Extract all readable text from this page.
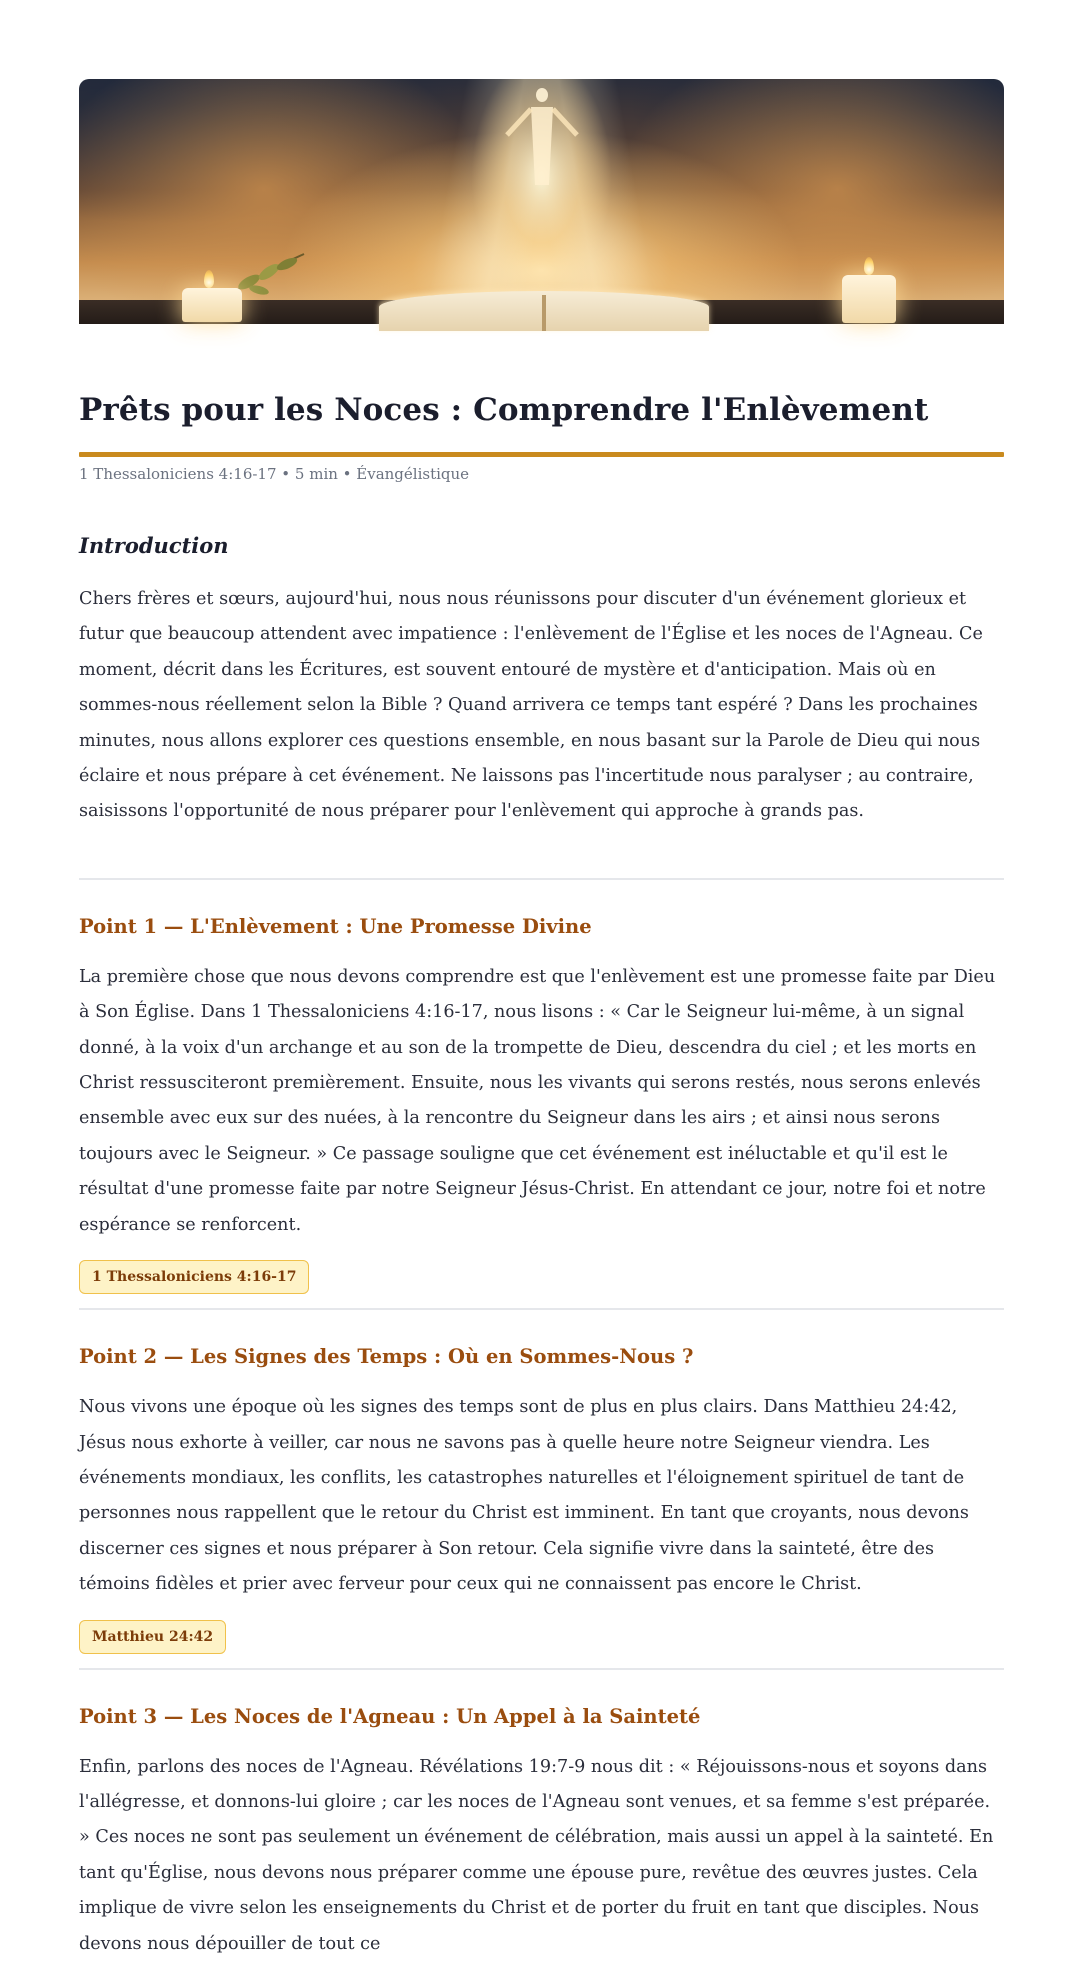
Prêts pour les Noces : Comprendre l'Enlèvement
1 Thessaloniciens 4:16-17 • 5 min • Évangélistique
Introduction

Chers frères et sœurs, aujourd'hui, nous nous réunissons pour discuter d'un événement glorieux et futur que beaucoup attendent avec impatience : l'enlèvement de l'Église et les noces de l'Agneau. Ce moment, décrit dans les Écritures, est souvent entouré de mystère et d'anticipation. Mais où en sommes-nous réellement selon la Bible ? Quand arrivera ce temps tant espéré ? Dans les prochaines minutes, nous allons explorer ces questions ensemble, en nous basant sur la Parole de Dieu qui nous éclaire et nous prépare à cet événement. Ne laissons pas l'incertitude nous paralyser ; au contraire, saisissons l'opportunité de nous préparer pour l'enlèvement qui approche à grands pas.

Point 1 — L'Enlèvement : Une Promesse Divine

La première chose que nous devons comprendre est que l'enlèvement est une promesse faite par Dieu à Son Église. Dans 1 Thessaloniciens 4:16-17, nous lisons : « Car le Seigneur lui-même, à un signal donné, à la voix d'un archange et au son de la trompette de Dieu, descendra du ciel ; et les morts en Christ ressusciteront premièrement. Ensuite, nous les vivants qui serons restés, nous serons enlevés ensemble avec eux sur des nuées, à la rencontre du Seigneur dans les airs ; et ainsi nous serons toujours avec le Seigneur. » Ce passage souligne que cet événement est inéluctable et qu'il est le résultat d'une promesse faite par notre Seigneur Jésus-Christ. En attendant ce jour, notre foi et notre espérance se renforcent.

1 Thessaloniciens 4:16-17
Point 2 — Les Signes des Temps : Où en Sommes-Nous ?

Nous vivons une époque où les signes des temps sont de plus en plus clairs. Dans Matthieu 24:42, Jésus nous exhorte à veiller, car nous ne savons pas à quelle heure notre Seigneur viendra. Les événements mondiaux, les conflits, les catastrophes naturelles et l'éloignement spirituel de tant de personnes nous rappellent que le retour du Christ est imminent. En tant que croyants, nous devons discerner ces signes et nous préparer à Son retour. Cela signifie vivre dans la sainteté, être des témoins fidèles et prier avec ferveur pour ceux qui ne connaissent pas encore le Christ.

Matthieu 24:42
Point 3 — Les Noces de l'Agneau : Un Appel à la Sainteté

Enfin, parlons des noces de l'Agneau. Révélations 19:7-9 nous dit : « Réjouissons-nous et soyons dans l'allégresse, et donnons-lui gloire ; car les noces de l'Agneau sont venues, et sa femme s'est préparée. » Ces noces ne sont pas seulement un événement de célébration, mais aussi un appel à la sainteté. En tant qu'Église, nous devons nous préparer comme une épouse pure, revêtue des œuvres justes. Cela implique de vivre selon les enseignements du Christ et de porter du fruit en tant que disciples. Nous devons nous dépouiller de tout ce
